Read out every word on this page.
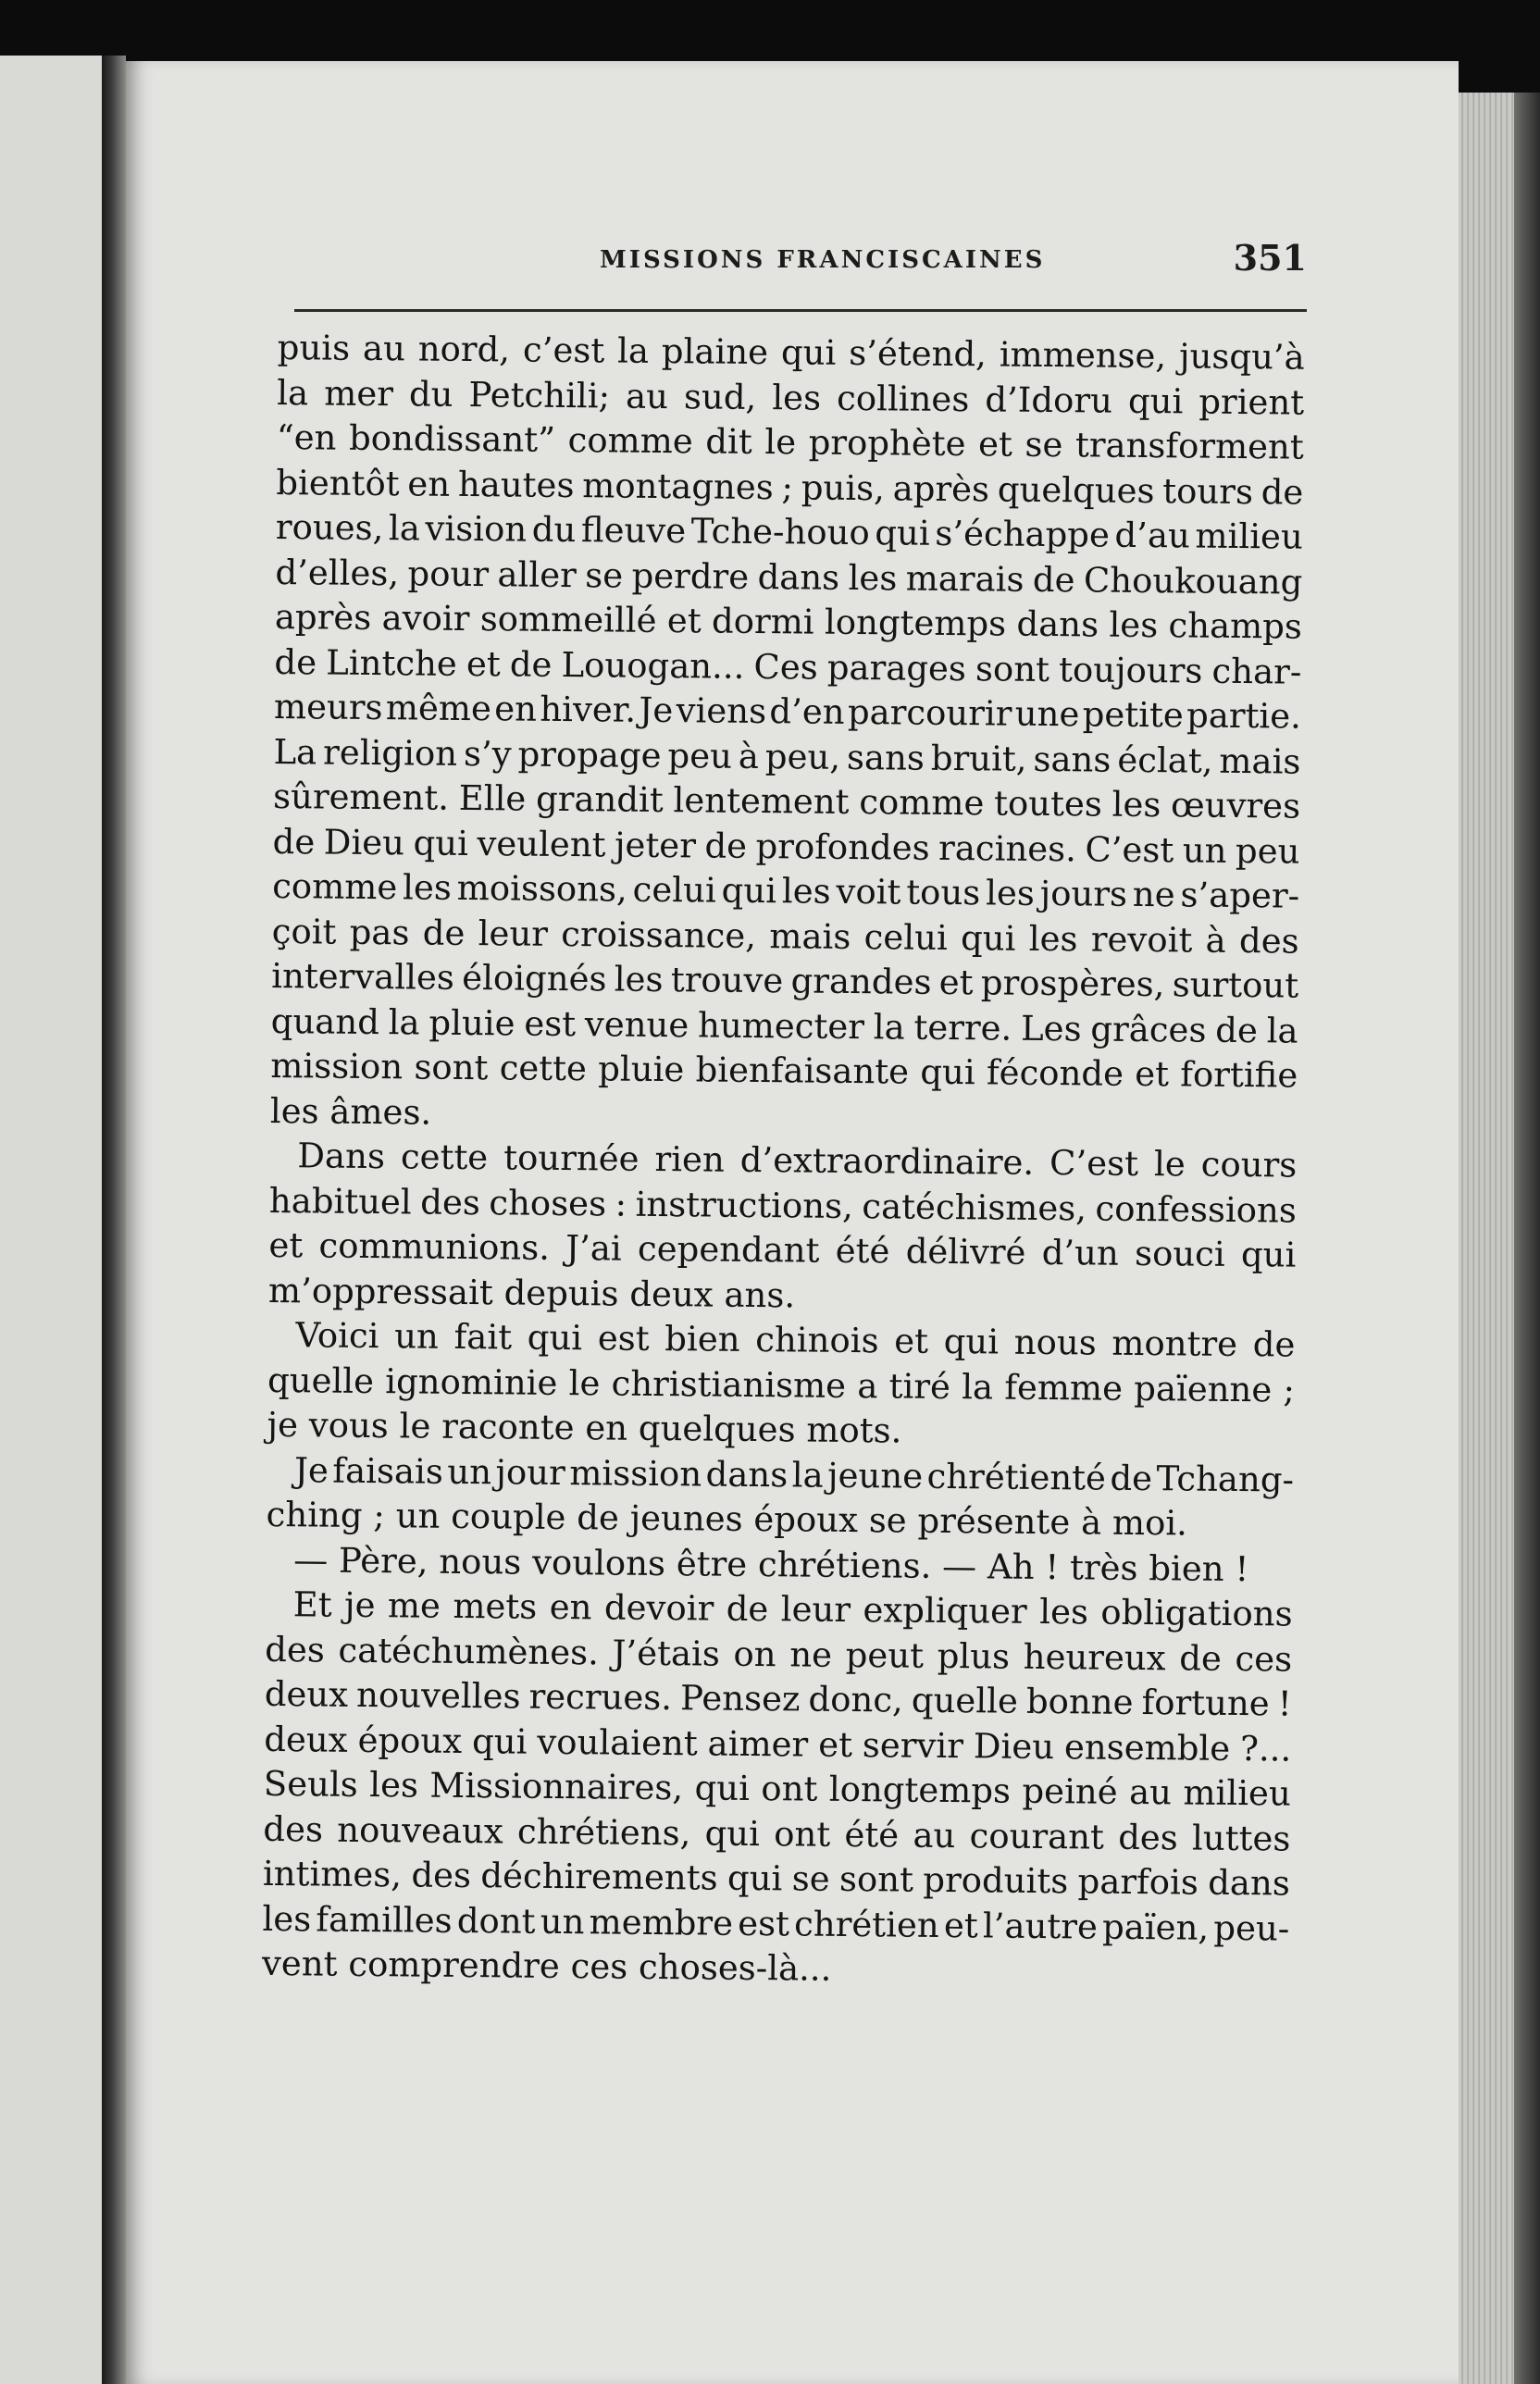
MISSIONS FRANCISCAINES	351
puis au nord, c’est la plaine qui s’étend, immense, jusqu’à
la mer du Petchili; au sud, les collines d’Idoru qui prient
“en bondissant” comme dit le prophète et se transforment
bientôt en hautes montagnes ; puis, après quelques tours de
roues, la vision du fleuve Tche-houo qui s’échappe d’au milieu
d’elles, pour aller se perdre dans les marais de Choukouang
après avoir sommeillé et dormi longtemps dans les champs
de Lintche et de Louogan... Ces parages sont toujours char-
meurs même en hiver. Je viens d’en parcourir une petite partie.
La religion s’y propage peu à peu, sans bruit, sans éclat, mais
sûrement. Elle grandit lentement comme toutes les œuvres
de Dieu qui veulent jeter de profondes racines. C’est un peu
comme les moissons, celui qui les voit tous les jours ne s’aper-
çoit pas de leur croissance, mais celui qui les revoit à des
intervalles éloignés les trouve grandes et prospères, surtout
quand la pluie est venue humecter la terre. Les grâces de la
mission sont cette pluie bienfaisante qui féconde et fortifie
les âmes.
Dans cette tournée rien d’extraordinaire. C’est le cours
habituel des choses : instructions, catéchismes, confessions
et communions. J’ai cependant été délivré d’un souci qui
m’oppressait depuis deux ans.
Voici un fait qui est bien chinois et qui nous montre de
quelle ignominie le christianisme a tiré la femme païenne ;
je vous le raconte en quelques mots.
Je faisais un jour mission dans la jeune chrétienté de Tchang-
ching ; un couple de jeunes époux se présente à moi.
— Père, nous voulons être chrétiens. — Ah ! très bien !
Et je me mets en devoir de leur expliquer les obligations
des catéchumènes. J’étais on ne peut plus heureux de ces
deux nouvelles recrues. Pensez donc, quelle bonne fortune !
deux époux qui voulaient aimer et servir Dieu ensemble ?...
Seuls les Missionnaires, qui ont longtemps peiné au milieu
des nouveaux chrétiens, qui ont été au courant des luttes
intimes, des déchirements qui se sont produits parfois dans
les familles dont un membre est chrétien et l’autre païen, peu-
vent comprendre ces choses-là...
